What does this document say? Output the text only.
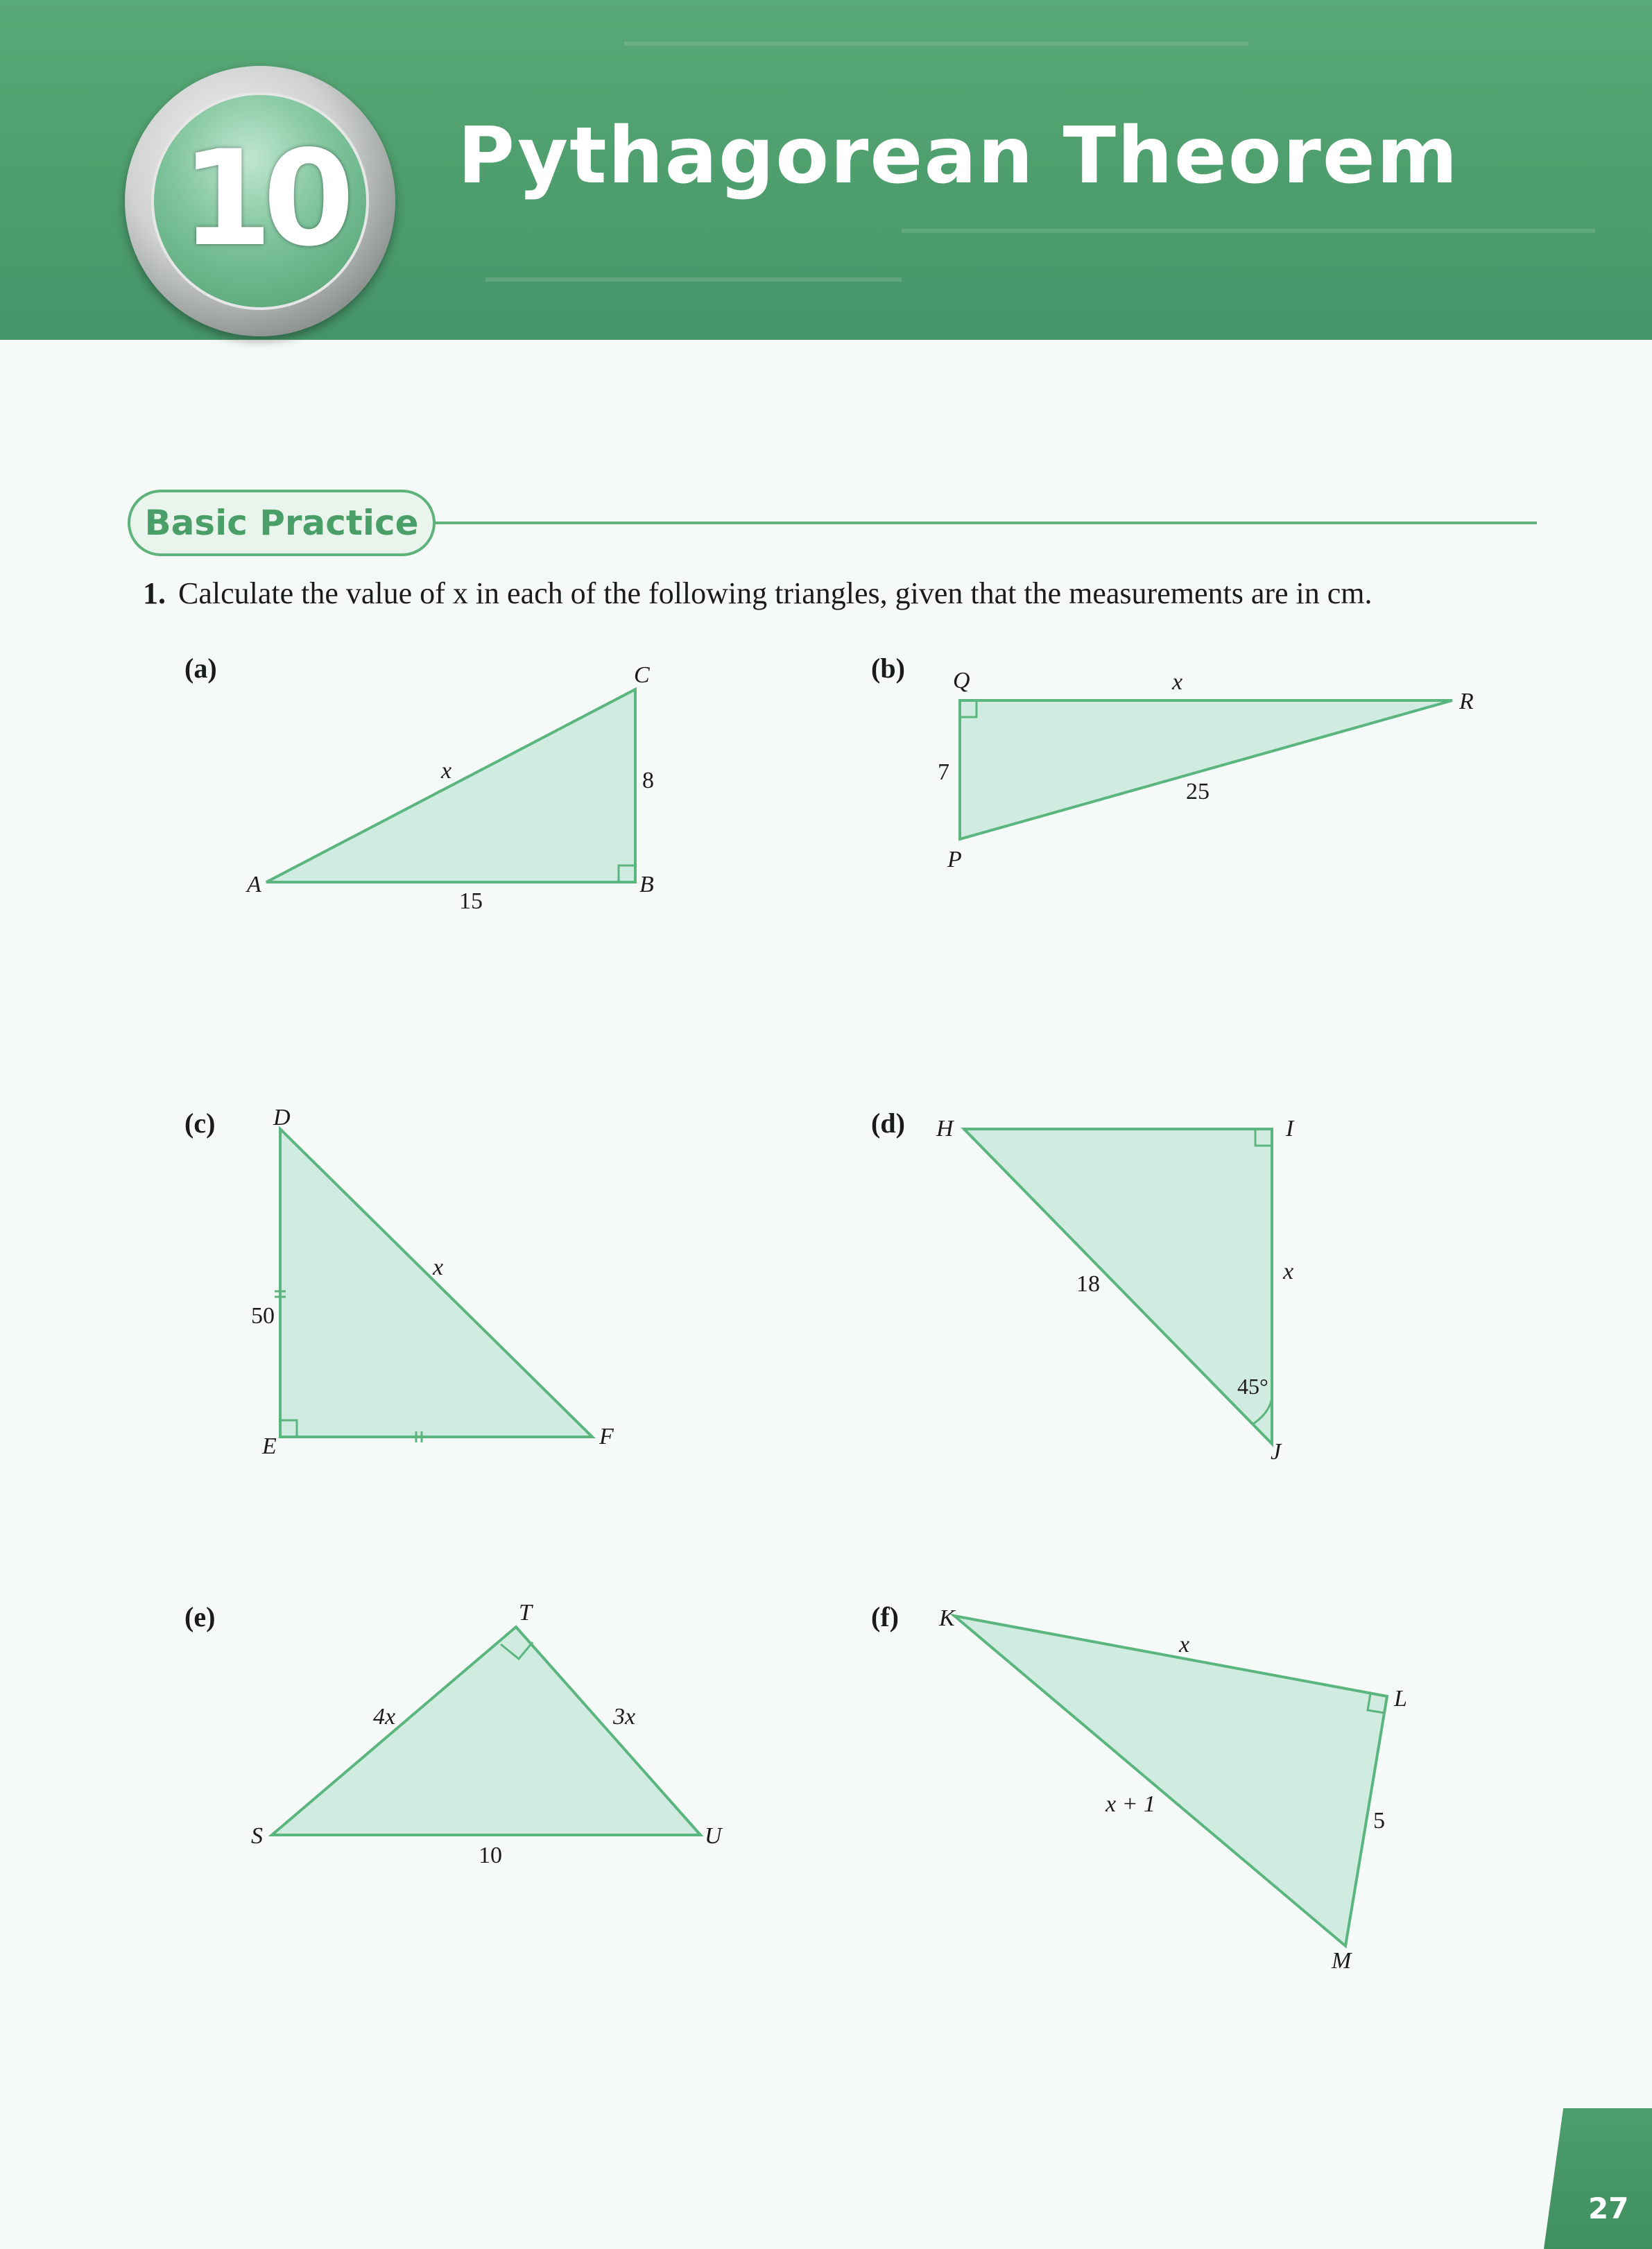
10	Pythagorean Theorem
Basic Practice
1. Calculate the value of x in each of the following triangles, given that the measurements are in cm.
(a)	(b)
(c)	(d)
(e)	(f)
A	B
C
x	8
15
Q
R
P
x
7
25
D
E	F
x
50
H	I
J
18	x
45°
T
S	U
4x	3x
10
K
L
M
x
x + 1
5
27
